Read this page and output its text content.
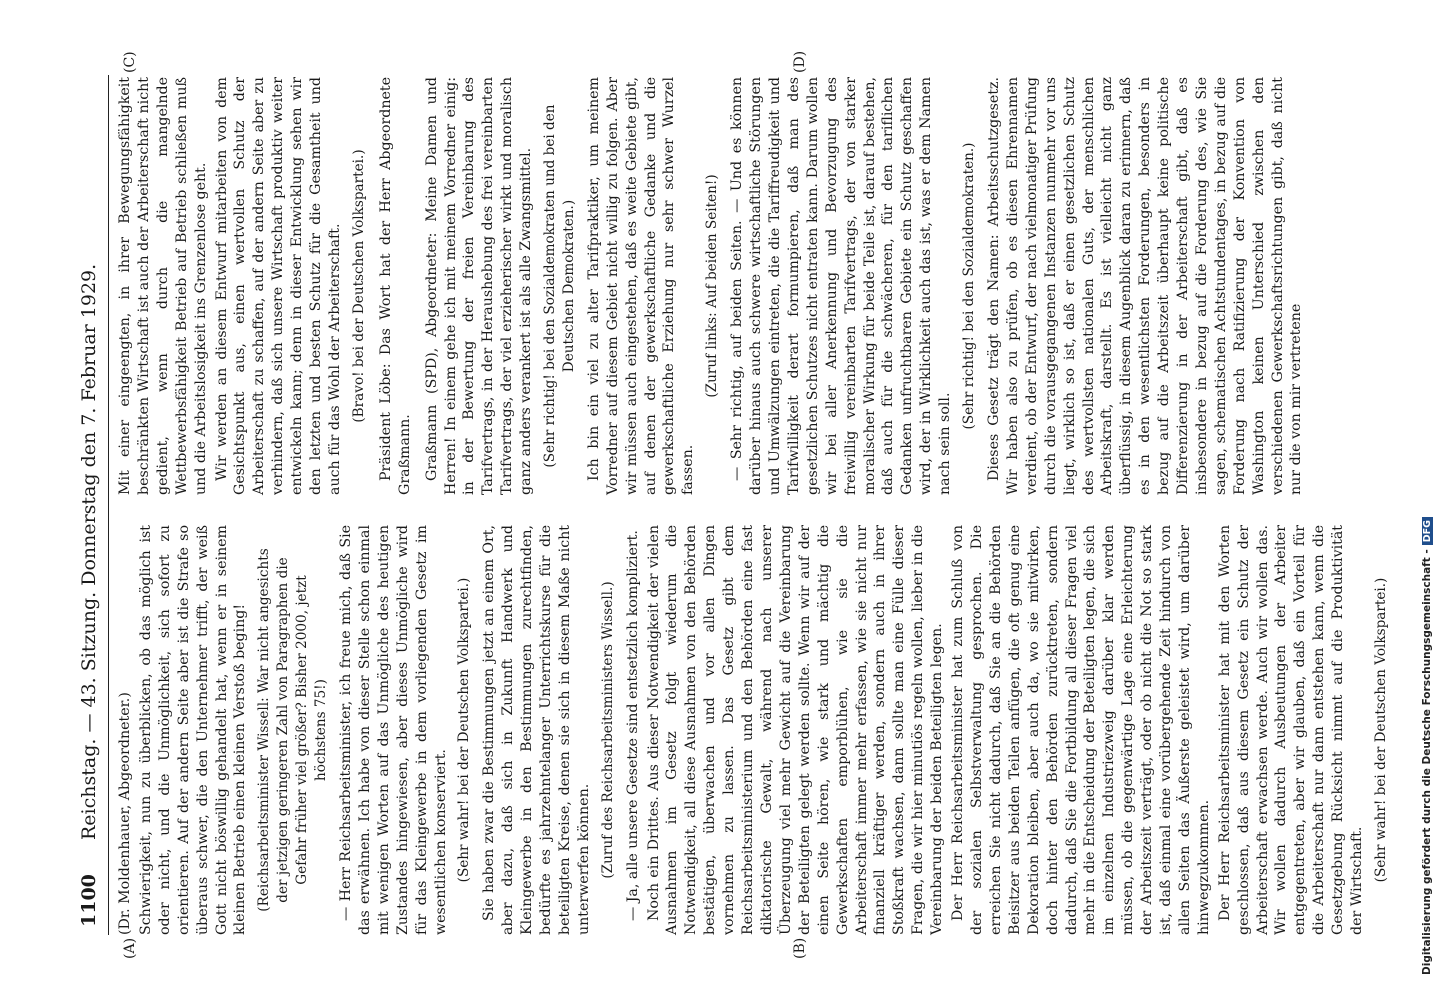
1100
Reichstag. — 43. Sitzung. Donnerstag den 7. Februar 1929.
(A)	(B)
(C)	(D)

(Dr. Moldenhauer, Abgeordneter.) Schwierigkeit, nun zu überblicken, ob das möglich ist oder nicht, und die Unmöglichkeit, sich sofort zu orientieren. Auf der andern Seite aber ist die Strafe so überaus schwer, die den Unternehmer trifft, der weiß Gott nicht böswillig gehandelt hat, wenn er in seinem kleinen Betrieb einen kleinen Verstoß beging! (Reichsarbeitsminister Wissell: War nicht angesichts der jetzigen geringeren Zahl von Paragraphen die Gefahr früher viel größer? Bisher 2000, jetzt höchstens 75!) — Herr Reichsarbeitsminister, ich freue mich, daß Sie das erwähnen. Ich habe von dieser Stelle schon einmal mit wenigen Worten auf das Unmögliche des heutigen Zustandes hingewiesen, aber dieses Unmögliche wird für das Kleingewerbe in dem vorliegenden Gesetz im wesentlichen konserviert. (Sehr wahr! bei der Deutschen Volkspartei.) Sie haben zwar die Bestimmungen jetzt an einem Ort, aber dazu, daß sich in Zukunft Handwerk und Kleingewerbe in den Bestimmungen zurechtfinden, bedürfte es jahrzehntelanger Unterrichtskurse für die beteiligten Kreise, denen sie sich in diesem Maße nicht unterwerfen können. (Zuruf des Reichsarbeitsministers Wissell.) — Ja, alle unsere Gesetze sind entsetzlich kompliziert. Noch ein Drittes. Aus dieser Notwendigkeit der vielen Ausnahmen im Gesetz folgt wiederum die Notwendigkeit, all diese Ausnahmen von den Behörden bestätigen, überwachen und vor allen Dingen vornehmen zu lassen. Das Gesetz gibt dem Reichsarbeitsministerium und den Behörden eine fast diktatorische Gewalt, während nach unserer Überzeugung viel mehr Gewicht auf die Vereinbarung der Beteiligten gelegt werden sollte. Wenn wir auf der einen Seite hören, wie stark und mächtig die Gewerkschaften emporblühen, wie sie die Arbeiterschaft immer mehr erfassen, wie sie nicht nur finanziell kräftiger werden, sondern auch in ihrer Stoßkraft wachsen, dann sollte man eine Fülle dieser Fragen, die wir hier minutiös regeln wollen, lieber in die Vereinbarung der beiden Beteiligten legen. Der Herr Reichsarbeitsminister hat zum Schluß von der sozialen Selbstverwaltung gesprochen. Die erreichen Sie nicht dadurch, daß Sie an die Behörden Beisitzer aus beiden Teilen anfügen, die oft genug eine Dekoration bleiben, aber auch da, wo sie mitwirken, doch hinter den Behörden zurücktreten, sondern dadurch, daß Sie die Fortbildung all dieser Fragen viel mehr in die Entscheidung der Beteiligten legen, die sich im einzelnen Industriezweig darüber klar werden müssen, ob die gegenwärtige Lage eine Erleichterung der Arbeitszeit verträgt, oder ob nicht die Not so stark ist, daß einmal eine vorübergehende Zeit hindurch von allen Seiten das Äußerste geleistet wird, um darüber hinwegzukommen. Der Herr Reichsarbeitsminister hat mit den Worten geschlossen, daß aus diesem Gesetz ein Schutz der Arbeiterschaft erwachsen werde. Auch wir wollen das. Wir wollen dadurch Ausbeutungen der Arbeiter entgegentreten, aber wir glauben, daß ein Vorteil für die Arbeiterschaft nur dann entstehen kann, wenn die Gesetzgebung Rücksicht nimmt auf die Produktivität der Wirtschaft. (Sehr wahr! bei der Deutschen Volkspartei.)

Mit einer eingeengten, in ihrer Bewegungsfähigkeit beschränkten Wirtschaft ist auch der Arbeiterschaft nicht gedient, wenn durch die mangelnde Wettbewerbsfähigkeit Betrieb auf Betrieb schließen muß und die Arbeitslosigkeit ins Grenzenlose geht. Wir werden an diesem Entwurf mitarbeiten von dem Gesichtspunkt aus, einen wertvollen Schutz der Arbeiterschaft zu schaffen, auf der andern Seite aber zu verhindern, daß sich unsere Wirtschaft produktiv weiter entwickeln kann; denn in dieser Entwicklung sehen wir den letzten und besten Schutz für die Gesamtheit und auch für das Wohl der Arbeiterschaft. (Bravo! bei der Deutschen Volkspartei.) Präsident Löbe: Das Wort hat der Herr Abgeordnete Graßmann. Graßmann (SPD), Abgeordneter: Meine Damen und Herren! In einem gehe ich mit meinem Vorredner einig: in der Bewertung der freien Vereinbarung des Tarifvertrags, in der Heraushebung des frei vereinbarten Tarifvertrags, der viel erzieherischer wirkt und moralisch ganz anders verankert ist als alle Zwangsmittel. (Sehr richtig! bei den Sozialdemokraten und bei den Deutschen Demokraten.) Ich bin ein viel zu alter Tarifpraktiker, um meinem Vorredner auf diesem Gebiet nicht willig zu folgen. Aber wir müssen auch eingestehen, daß es weite Gebiete gibt, auf denen der gewerkschaftliche Gedanke und die gewerkschaftliche Erziehung nur sehr schwer Wurzel fassen.

(Zuruf links: Auf beiden Seiten!) — Sehr richtig, auf beiden Seiten. — Und es können darüber hinaus auch schwere wirtschaftliche Störungen und Umwälzungen eintreten, die die Tariffreudigkeit und Tarifwilligkeit derart formumpieren, daß man des gesetzlichen Schutzes nicht entraten kann. Darum wollen wir bei aller Anerkennung und Bevorzugung des freiwillig vereinbarten Tarifvertrags, der von starker moralischer Wirkung für beide Teile ist, darauf bestehen, daß auch für die schwächeren, für den tariflichen Gedanken unfruchtbaren Gebiete ein Schutz geschaffen wird, der in Wirklichkeit auch das ist, was er dem Namen nach sein soll.

(Sehr richtig! bei den Sozialdemokraten.) Dieses Gesetz trägt den Namen: Arbeitsschutzgesetz. Wir haben also zu prüfen, ob es diesen Ehrennamen verdient, ob der Entwurf, der nach vielmonatiger Prüfung durch die vorausgegangenen Instanzen nunmehr vor uns liegt, wirklich so ist, daß er einen gesetzlichen Schutz des wertvollsten nationalen Guts, der menschlichen Arbeitskraft, darstellt. Es ist vielleicht nicht ganz überflüssig, in diesem Augenblick daran zu erinnern, daß es in den wesentlichsten Forderungen, besonders in bezug auf die Arbeitszeit überhaupt keine politische Differenzierung in der Arbeiterschaft gibt, daß es insbesondere in bezug auf die Forderung des, wie Sie sagen, schematischen Achtstundentages, in bezug auf die Forderung nach Ratifizierung der Konvention von Washington keinen Unterschied zwischen den verschiedenen Gewerkschaftsrichtungen gibt, daß nicht nur die von mir vertretene

Digitalisierung gefördert durch die Deutsche Forschungsgemeinschaft -DFG
